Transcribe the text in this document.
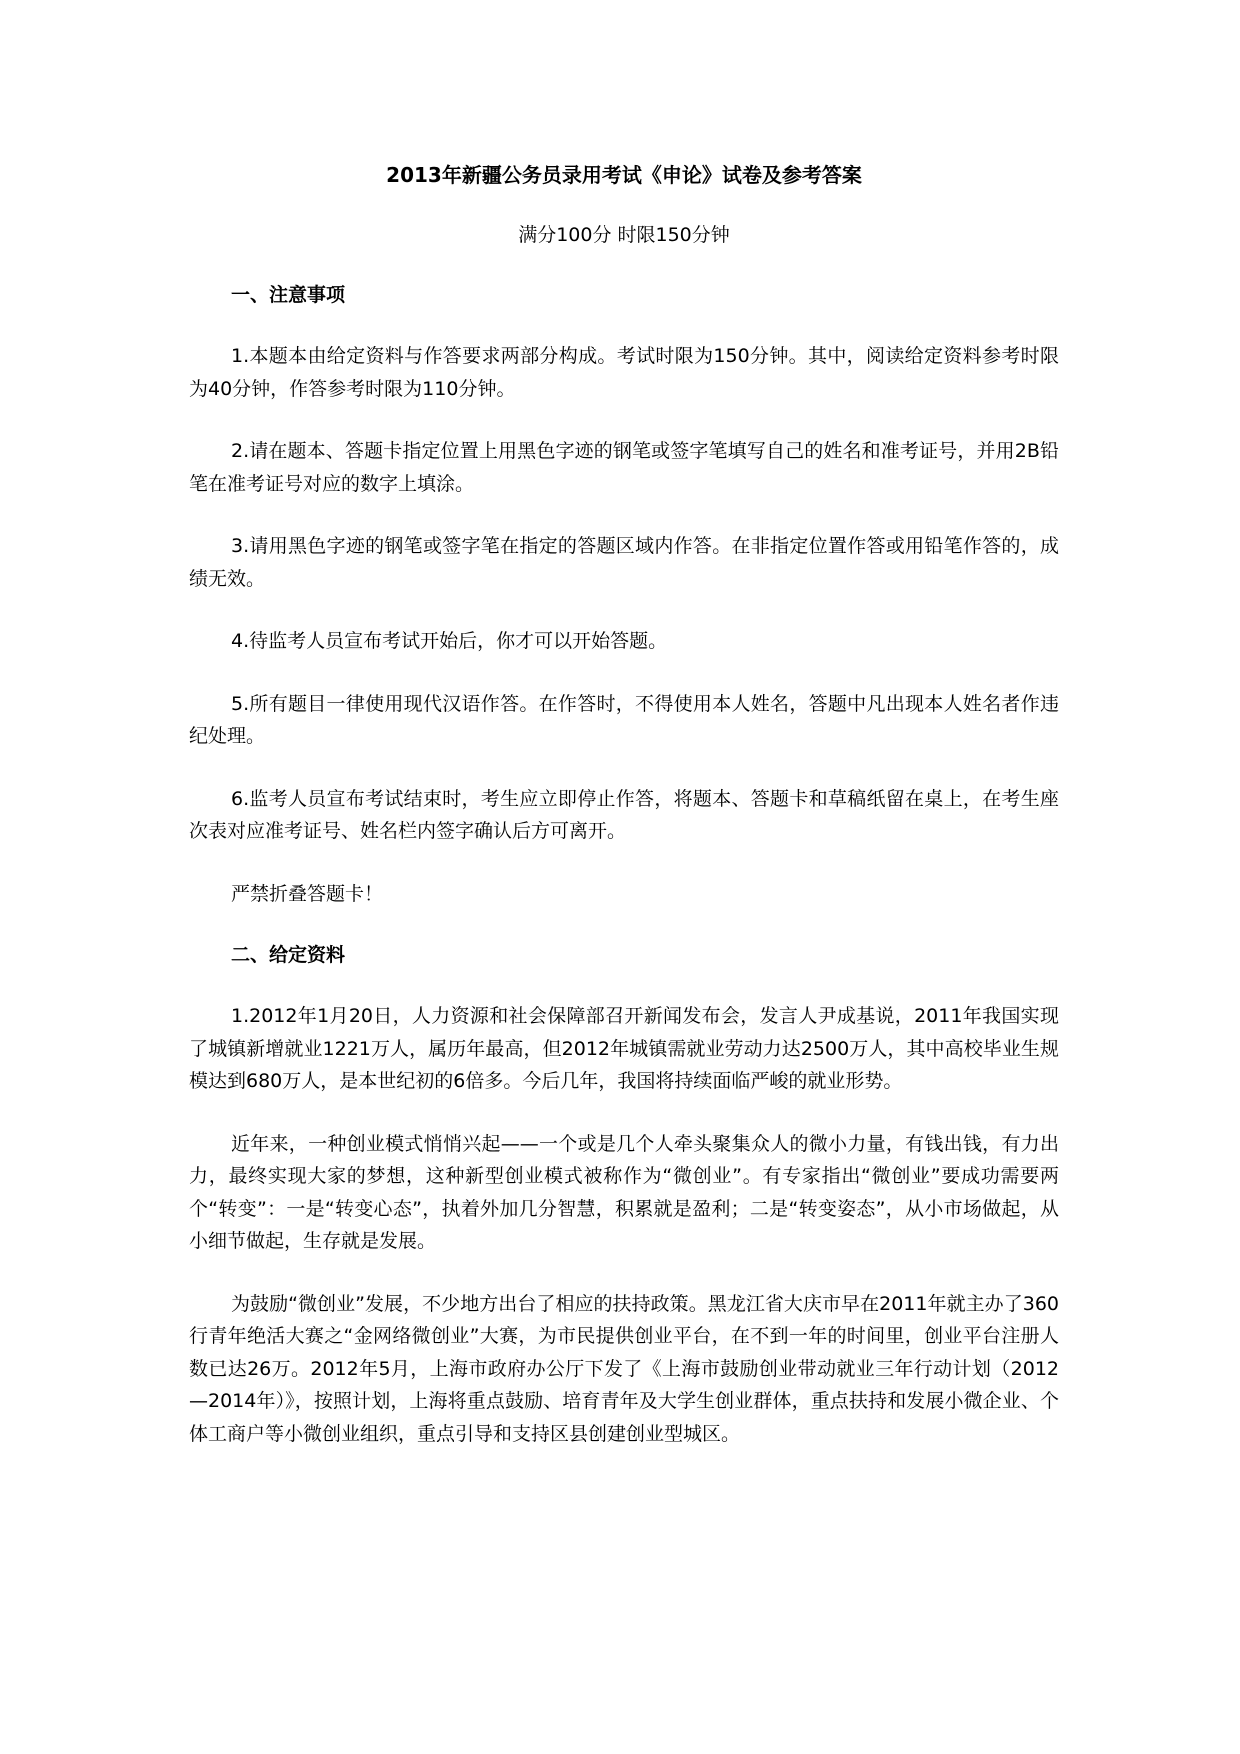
2013年新疆公务员录用考试《申论》试卷及参考答案

满分100分 时限150分钟

一、注意事项

1.本题本由给定资料与作答要求两部分构成。考试时限为150分钟。其中，阅读给定资料参考时限为40分钟，作答参考时限为110分钟。

2.请在题本、答题卡指定位置上用黑色字迹的钢笔或签字笔填写自己的姓名和准考证号，并用2B铅笔在准考证号对应的数字上填涂。

3.请用黑色字迹的钢笔或签字笔在指定的答题区域内作答。在非指定位置作答或用铅笔作答的，成绩无效。

4.待监考人员宣布考试开始后，你才可以开始答题。

5.所有题目一律使用现代汉语作答。在作答时，不得使用本人姓名，答题中凡出现本人姓名者作违纪处理。

6.监考人员宣布考试结束时，考生应立即停止作答，将题本、答题卡和草稿纸留在桌上，在考生座次表对应准考证号、姓名栏内签字确认后方可离开。

严禁折叠答题卡！

二、给定资料

1.2012年1月20日，人力资源和社会保障部召开新闻发布会，发言人尹成基说，2011年我国实现了城镇新增就业1221万人，属历年最高，但2012年城镇需就业劳动力达2500万人，其中高校毕业生规模达到680万人，是本世纪初的6倍多。今后几年，我国将持续面临严峻的就业形势。

近年来，一种创业模式悄悄兴起——一个或是几个人牵头聚集众人的微小力量，有钱出钱，有力出力，最终实现大家的梦想，这种新型创业模式被称作为“微创业”。有专家指出“微创业”要成功需要两个“转变”：一是“转变心态”，执着外加几分智慧，积累就是盈利；二是“转变姿态”，从小市场做起，从小细节做起，生存就是发展。

为鼓励“微创业”发展，不少地方出台了相应的扶持政策。黑龙江省大庆市早在2011年就主办了360行青年绝活大赛之“金网络微创业”大赛，为市民提供创业平台，在不到一年的时间里，创业平台注册人数已达26万。2012年5月，上海市政府办公厅下发了《上海市鼓励创业带动就业三年行动计划（2012—2014年）》，按照计划，上海将重点鼓励、培育青年及大学生创业群体，重点扶持和发展小微企业、个体工商户等小微创业组织，重点引导和支持区县创建创业型城区。
